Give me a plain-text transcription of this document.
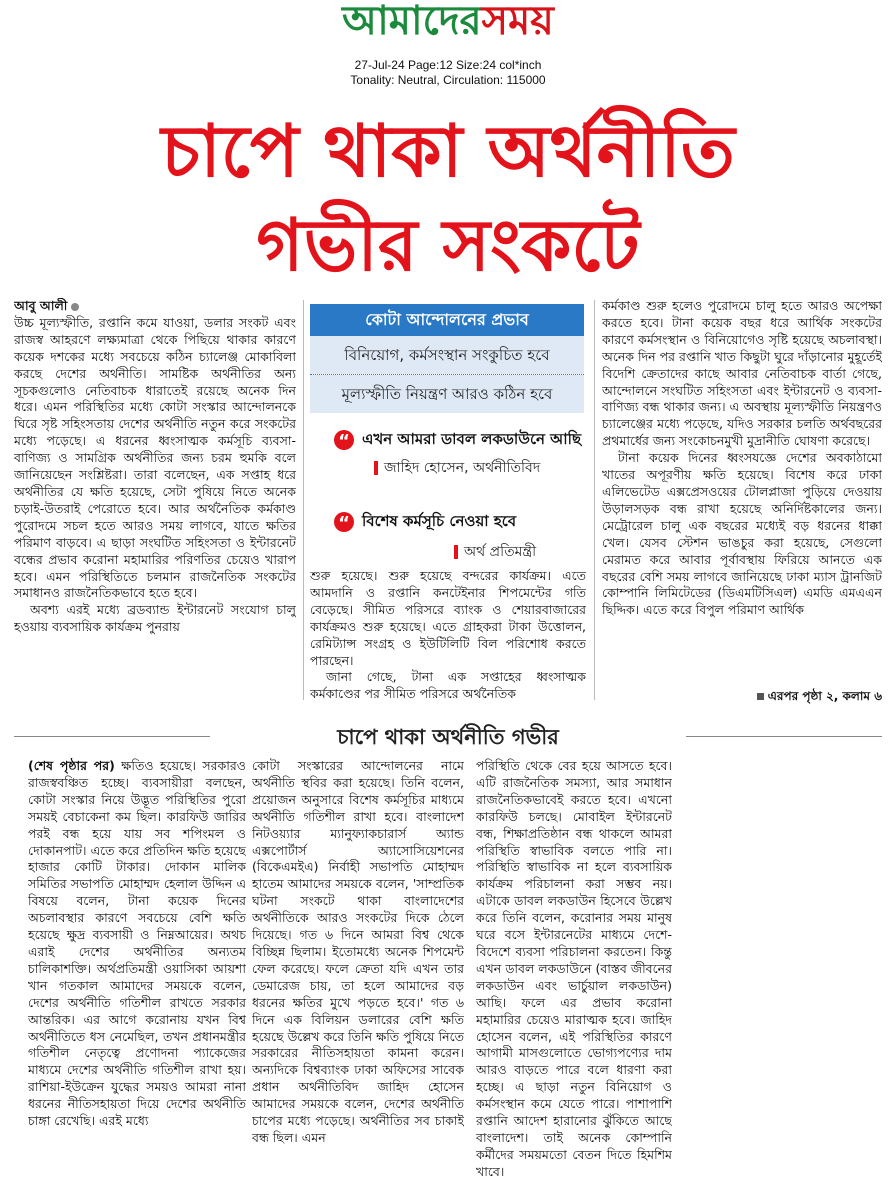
আমাদেরসময়
27-Jul-24 Page:12 Size:24 col*inch
Tonality: Neutral, Circulation: 115000
চাপে থাকা অর্থনীতি
গভীর সংকটে

আবু আলী

উচ্চ মূল্যস্ফীতি, রপ্তানি কমে যাওয়া, ডলার সংকট এবং রাজস্ব আহরণে লক্ষ্যমাত্রা থেকে পিছিয়ে থাকার কারণে কয়েক দশকের মধ্যে সবচেয়ে কঠিন চ্যালেঞ্জ মোকাবিলা করছে দেশের অর্থনীতি। সামষ্টিক অর্থনীতির অন্য সূচকগুলোও নেতিবাচক ধারাতেই রয়েছে অনেক দিন ধরে। এমন পরিস্থিতির মধ্যে কোটা সংস্কার আন্দোলনকে ঘিরে সৃষ্ট সহিংসতায় দেশের অর্থনীতি নতুন করে সংকটের মধ্যে পড়েছে। এ ধরনের ধ্বংসাত্মক কর্মসূচি ব্যবসা-বাণিজ্য ও সামগ্রিক অর্থনীতির জন্য চরম হুমকি বলে জানিয়েছেন সংশ্লিষ্টরা। তারা বলেছেন, এক সপ্তাহ ধরে অর্থনীতির যে ক্ষতি হয়েছে, সেটা পুষিয়ে নিতে অনেক চড়াই-উতরাই পেরোতে হবে। আর অর্থনৈতিক কর্মকাণ্ড পুরোদমে সচল হতে আরও সময় লাগবে, যাতে ক্ষতির পরিমাণ বাড়বে। এ ছাড়া সংঘটিত সহিংসতা ও ইন্টারনেট বন্ধের প্রভাব করোনা মহামারির পরিণতির চেয়েও খারাপ হবে। এমন পরিস্থিতিতে চলমান রাজনৈতিক সংকটের সমাধানও রাজনৈতিকভাবে হতে হবে।

অবশ্য এরই মধ্যে ব্রডব্যান্ড ইন্টারনেট সংযোগ চালু হওয়ায় ব্যবসায়িক কার্যক্রম পুনরায়

কোটা আন্দোলনের প্রভাব
বিনিয়োগ, কর্মসংস্থান সংকুচিত হবে
মূল্যস্ফীতি নিয়ন্ত্রণ আরও কঠিন হবে
“ এখন আমরা ডাবল লকডাউনে আছি
জাহিদ হোসেন, অর্থনীতিবিদ
“ বিশেষ কর্মসূচি নেওয়া হবে
অর্থ প্রতিমন্ত্রী

শুরু হয়েছে। শুরু হয়েছে বন্দরের কার্যক্রম। এতে আমদানি ও রপ্তানি কনটেইনার শিপমেন্টের গতি বেড়েছে। সীমিত পরিসরে ব্যাংক ও শেয়ারবাজারের কার্যক্রমও শুরু হয়েছে। এতে গ্রাহকরা টাকা উত্তোলন, রেমিট্যান্স সংগ্রহ ও ইউটিলিটি বিল পরিশোধ করতে পারছেন।

জানা গেছে, টানা এক সপ্তাহের ধ্বংসাত্মক কর্মকাণ্ডের পর সীমিত পরিসরে অর্থনৈতিক

কর্মকাণ্ড শুরু হলেও পুরোদমে চালু হতে আরও অপেক্ষা করতে হবে। টানা কয়েক বছর ধরে আর্থিক সংকটের কারণে কর্মসংস্থান ও বিনিয়োগেও সৃষ্টি হয়েছে অচলাবস্থা। অনেক দিন পর রপ্তানি খাত কিছুটা ঘুরে দাঁড়ানোর মুহূর্তেই বিদেশি ক্রেতাদের কাছে আবার নেতিবাচক বার্তা গেছে, আন্দোলনে সংঘটিত সহিংসতা এবং ইন্টারনেট ও ব্যবসা-বাণিজ্য বন্ধ থাকার জন্য। এ অবস্থায় মূল্যস্ফীতি নিয়ন্ত্রণও চ্যালেঞ্জের মধ্যে পড়েছে, যদিও সরকার চলতি অর্থবছরের প্রথমার্ধের জন্য সংকোচনমুখী মুদ্রানীতি ঘোষণা করেছে।

টানা কয়েক দিনের ধ্বংসযজ্ঞে দেশের অবকাঠামো খাতের অপূরণীয় ক্ষতি হয়েছে। বিশেষ করে ঢাকা এলিভেটেড এক্সপ্রেসওয়ের টোলপ্লাজা পুড়িয়ে দেওয়ায় উড়ালসড়ক বন্ধ রাখা হয়েছে অনির্দিষ্টকালের জন্য। মেট্রোরেল চালু এক বছরের মধ্যেই বড় ধরনের ধাক্কা খেল। যেসব স্টেশন ভাঙচুর করা হয়েছে, সেগুলো মেরামত করে আবার পূর্বাবস্থায় ফিরিয়ে আনতে এক বছরের বেশি সময় লাগবে জানিয়েছে ঢাকা ম্যাস ট্রানজিট কোম্পানি লিমিটেডের (ডিএমটিসিএল) এমডি এমএএন ছিদ্দিক। এতে করে বিপুল পরিমাণ আর্থিক

এরপর পৃষ্ঠা ২, কলাম ৬
চাপে থাকা অর্থনীতি গভীর

(শেষ পৃষ্ঠার পর) ক্ষতিও হয়েছে। সরকারও রাজস্ববঞ্চিত হচ্ছে। ব্যবসায়ীরা বলছেন, কোটা সংস্কার নিয়ে উদ্ভূত পরিস্থিতির পুরো সময়ই বেচাকেনা কম ছিল। কারফিউ জারির পরই বন্ধ হয়ে যায় সব শপিংমল ও দোকানপাট। এতে করে প্রতিদিন ক্ষতি হয়েছে হাজার কোটি টাকার। দোকান মালিক সমিতির সভাপতি মোহাম্মদ হেলাল উদ্দিন এ বিষয়ে বলেন, টানা কয়েক দিনের অচলাবস্থার কারণে সবচেয়ে বেশি ক্ষতি হয়েছে ক্ষুদ্র ব্যবসায়ী ও নিম্নআয়ের। অথচ এরাই দেশের অর্থনীতির অন্যতম চালিকাশক্তি। অর্থপ্রতিমন্ত্রী ওয়াসিকা আয়শা খান গতকাল আমাদের সময়কে বলেন, দেশের অর্থনীতি গতিশীল রাখতে সরকার আন্তরিক। এর আগে করোনায় যখন বিশ্ব অর্থনীতিতে ধস নেমেছিল, তখন প্রধানমন্ত্রীর গতিশীল নেতৃত্বে প্রণোদনা প্যাকেজের মাধ্যমে দেশের অর্থনীতি গতিশীল রাখা হয়। রাশিয়া-ইউক্রেন যুদ্ধের সময়ও আমরা নানা ধরনের নীতিসহায়তা দিয়ে দেশের অর্থনীতি চাঙ্গা রেখেছি। এরই মধ্যে

কোটা সংস্কারের আন্দোলনের নামে অর্থনীতি স্থবির করা হয়েছে। তিনি বলেন, প্রয়োজন অনুসারে বিশেষ কর্মসূচির মাধ্যমে অর্থনীতি গতিশীল রাখা হবে। বাংলাদেশ নিটওয়্যার ম্যানুফ্যাকচারার্স অ্যান্ড এক্সপোর্টার্স অ্যাসোসিয়েশনের (বিকেএমইএ) নির্বাহী সভাপতি মোহাম্মদ হাতেম আমাদের সময়কে বলেন, 'সাম্প্রতিক ঘটনা সংকটে থাকা বাংলাদেশের অর্থনীতিকে আরও সংকটের দিকে ঠেলে দিয়েছে। গত ৬ দিনে আমরা বিশ্ব থেকে বিচ্ছিন্ন ছিলাম। ইতোমধ্যে অনেক শিপমেন্ট ফেল করেছে। ফলে ক্রেতা যদি এখন তার ডেমারেজ চায়, তা হলে আমাদের বড় ধরনের ক্ষতির মুখে পড়তে হবে।' গত ৬ দিনে এক বিলিয়ন ডলারের বেশি ক্ষতি হয়েছে উল্লেখ করে তিনি ক্ষতি পুষিয়ে নিতে সরকারের নীতিসহায়তা কামনা করেন। অন্যদিকে বিশ্বব্যাংক ঢাকা অফিসের সাবেক প্রধান অর্থনীতিবিদ জাহিদ হোসেন আমাদের সময়কে বলেন, দেশের অর্থনীতি চাপের মধ্যে পড়েছে। অর্থনীতির সব চাকাই বন্ধ ছিল। এমন

পরিস্থিতি থেকে বের হয়ে আসতে হবে। এটি রাজনৈতিক সমস্যা, আর সমাধান রাজনৈতিকভাবেই করতে হবে। এখনো কারফিউ চলছে। মোবাইল ইন্টারনেট বন্ধ, শিক্ষাপ্রতিষ্ঠান বন্ধ থাকলে আমরা পরিস্থিতি স্বাভাবিক বলতে পারি না। পরিস্থিতি স্বাভাবিক না হলে ব্যবসায়িক কার্যক্রম পরিচালনা করা সম্ভব নয়। এটাকে ডাবল লকডাউন হিসেবে উল্লেখ করে তিনি বলেন, করোনার সময় মানুষ ঘরে বসে ইন্টারনেটের মাধ্যমে দেশে-বিদেশে ব্যবসা পরিচালনা করতেন। কিন্তু এখন ডাবল লকডাউনে (বাস্তব জীবনের লকডাউন এবং ভার্চুয়াল লকডাউন) আছি। ফলে এর প্রভাব করোনা মহামারির চেয়েও মারাত্মক হবে। জাহিদ হোসেন বলেন, এই পরিস্থিতির কারণে আগামী মাসগুলোতে ভোগ্যপণ্যের দাম আরও বাড়তে পারে বলে ধারণা করা হচ্ছে। এ ছাড়া নতুন বিনিয়োগ ও কর্মসংস্থান কমে যেতে পারে। পাশাপাশি রপ্তানি আদেশ হারানোর ঝুঁকিতে আছে বাংলাদেশ। তাই অনেক কোম্পানি কর্মীদের সময়মতো বেতন দিতে হিমশিম খাবে।
